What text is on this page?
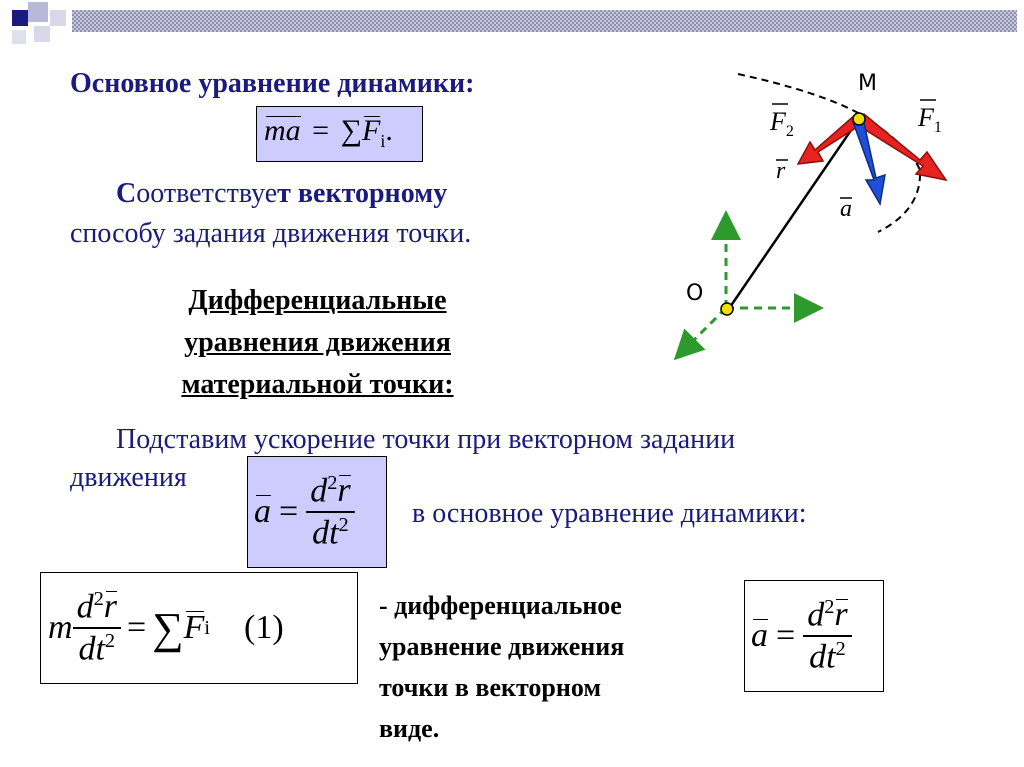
Основное уравнение динамики:
ma = $\sum F_i$.
Соответствует векторному
способу задания движения точки.
Дифференциальные
уравнения движения
материальной точки:
Подставим ускорение точки при векторном задании
движения
в основное уравнение динамики:
$a = \frac{d^2r}{dt^2}$
m $\frac{d^2r}{dt^2}$ = ∑ F i (1)
- дифференциальное
уравнение движения
точки в векторном
виде.
$a = \frac{d^2r}{dt^2}$
M
O
$F_2$	$F_1$
r
a
